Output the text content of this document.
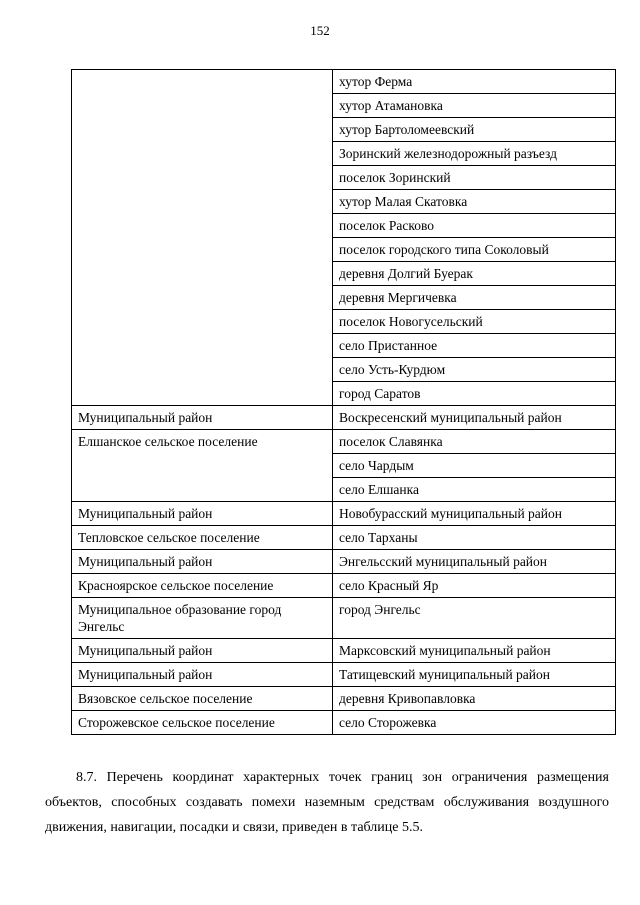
152
	хутор Ферма
	хутор Атамановка
	хутор Бартоломеевский
	Зоринский железнодорожный разъезд
	поселок Зоринский
	хутор Малая Скатовка
	поселок Расково
	поселок городского типа Соколовый
	деревня Долгий Буерак
	деревня Мергичевка
	поселок Новогусельский
	село Пристанное
	село Усть-Курдюм
	город Саратов
Муниципальный район	Воскресенский муниципальный район
Елшанское сельское поселение	поселок Славянка
	село Чардым
	село Елшанка
Муниципальный район	Новобурасский муниципальный район
Тепловское сельское поселение	село Тарханы
Муниципальный район	Энгельсский муниципальный район
Красноярское сельское поселение	село Красный Яр
Муниципальное образование город Энгельс	город Энгельс
Муниципальный район	Марксовский муниципальный район
Муниципальный район	Татищевский муниципальный район
Вязовское сельское поселение	деревня Кривопавловка
Сторожевское сельское поселение	село Сторожевка
8.7. Перечень координат характерных точек границ зон ограничения размещения объектов, способных создавать помехи наземным средствам обслуживания воздушного движения, навигации, посадки и связи, приведен в таблице 5.5.
